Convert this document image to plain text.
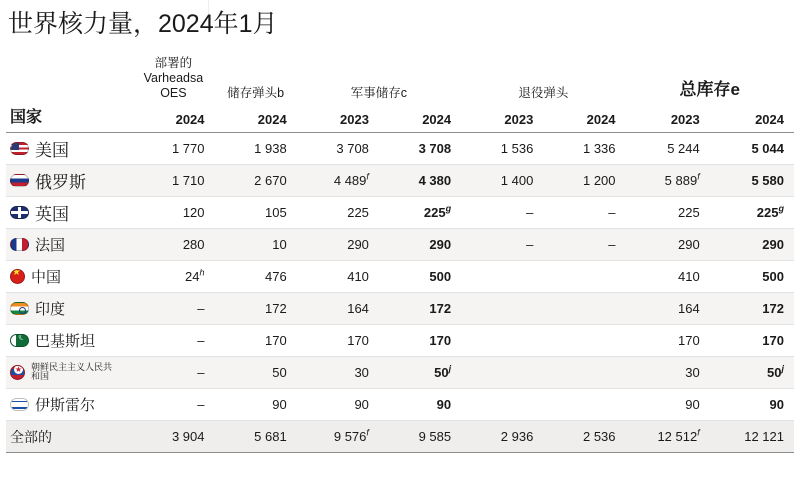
世界核力量，2024年1月
	部署的 Varheadsa OES	储存弹头b	军事储存c		退役弹头		总库存e	
国家	2024	2024	2023	2024	2023	2024	2023	2024

美国	1 770	1 938	3 708	3 708	1 536	1 336	5 244	5 044

俄罗斯	1 710	2 670	4 489$^f$	4 380	1 400	1 200	5 889$^f$	5 580

英国	120	105	225	225$^g$	–	–	225	225$^g$

法国	280	10	290	290	–	–	290	290

★
中国	24$^h$	476	410	500			410	500

印度	–	172	164	172			164	172

☾
巴基斯坦	–	170	170	170			170	170

★
朝鲜民主主义人民共和国	–	50	30	50$^j$			30	50$^j$

伊斯雷尔	–	90	90	90			90	90
全部的	3 904	5 681	9 576$^f$	9 585	2 936	2 536	12 512$^f$	12 121
